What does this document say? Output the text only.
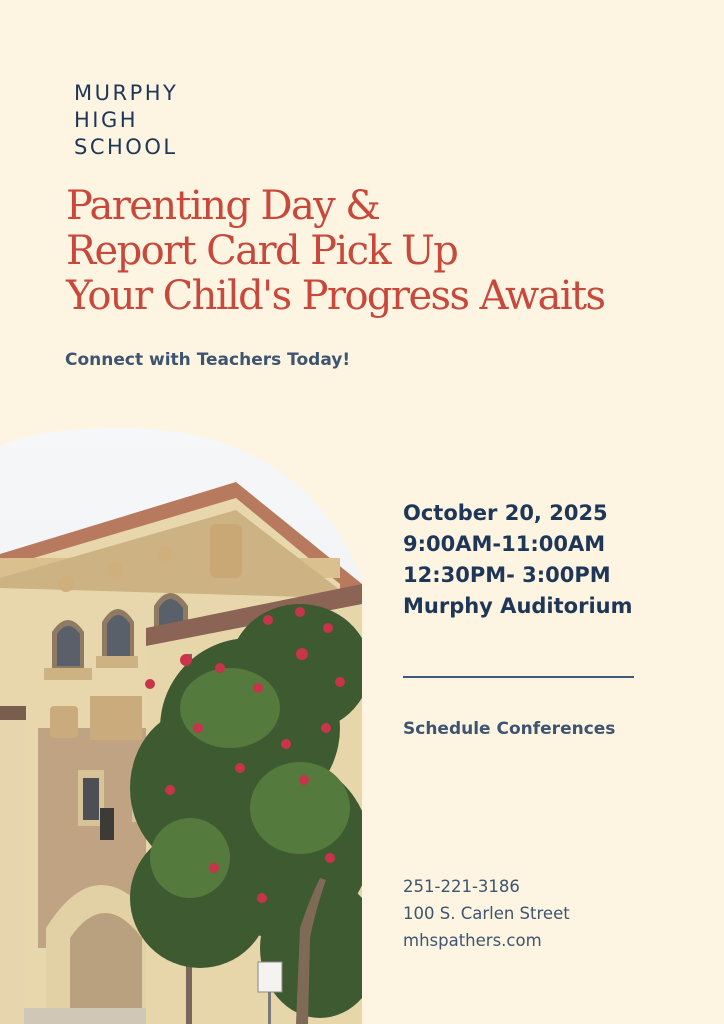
MURPHY
HIGH
SCHOOL
Parenting Day &
Report Card Pick Up
Your Child's Progress Awaits
Connect with Teachers Today!
October 20, 2025
9:00AM-11:00AM
12:30PM- 3:00PM
Murphy Auditorium
Schedule Conferences
251-221-3186
100 S. Carlen Street
mhspathers.com
